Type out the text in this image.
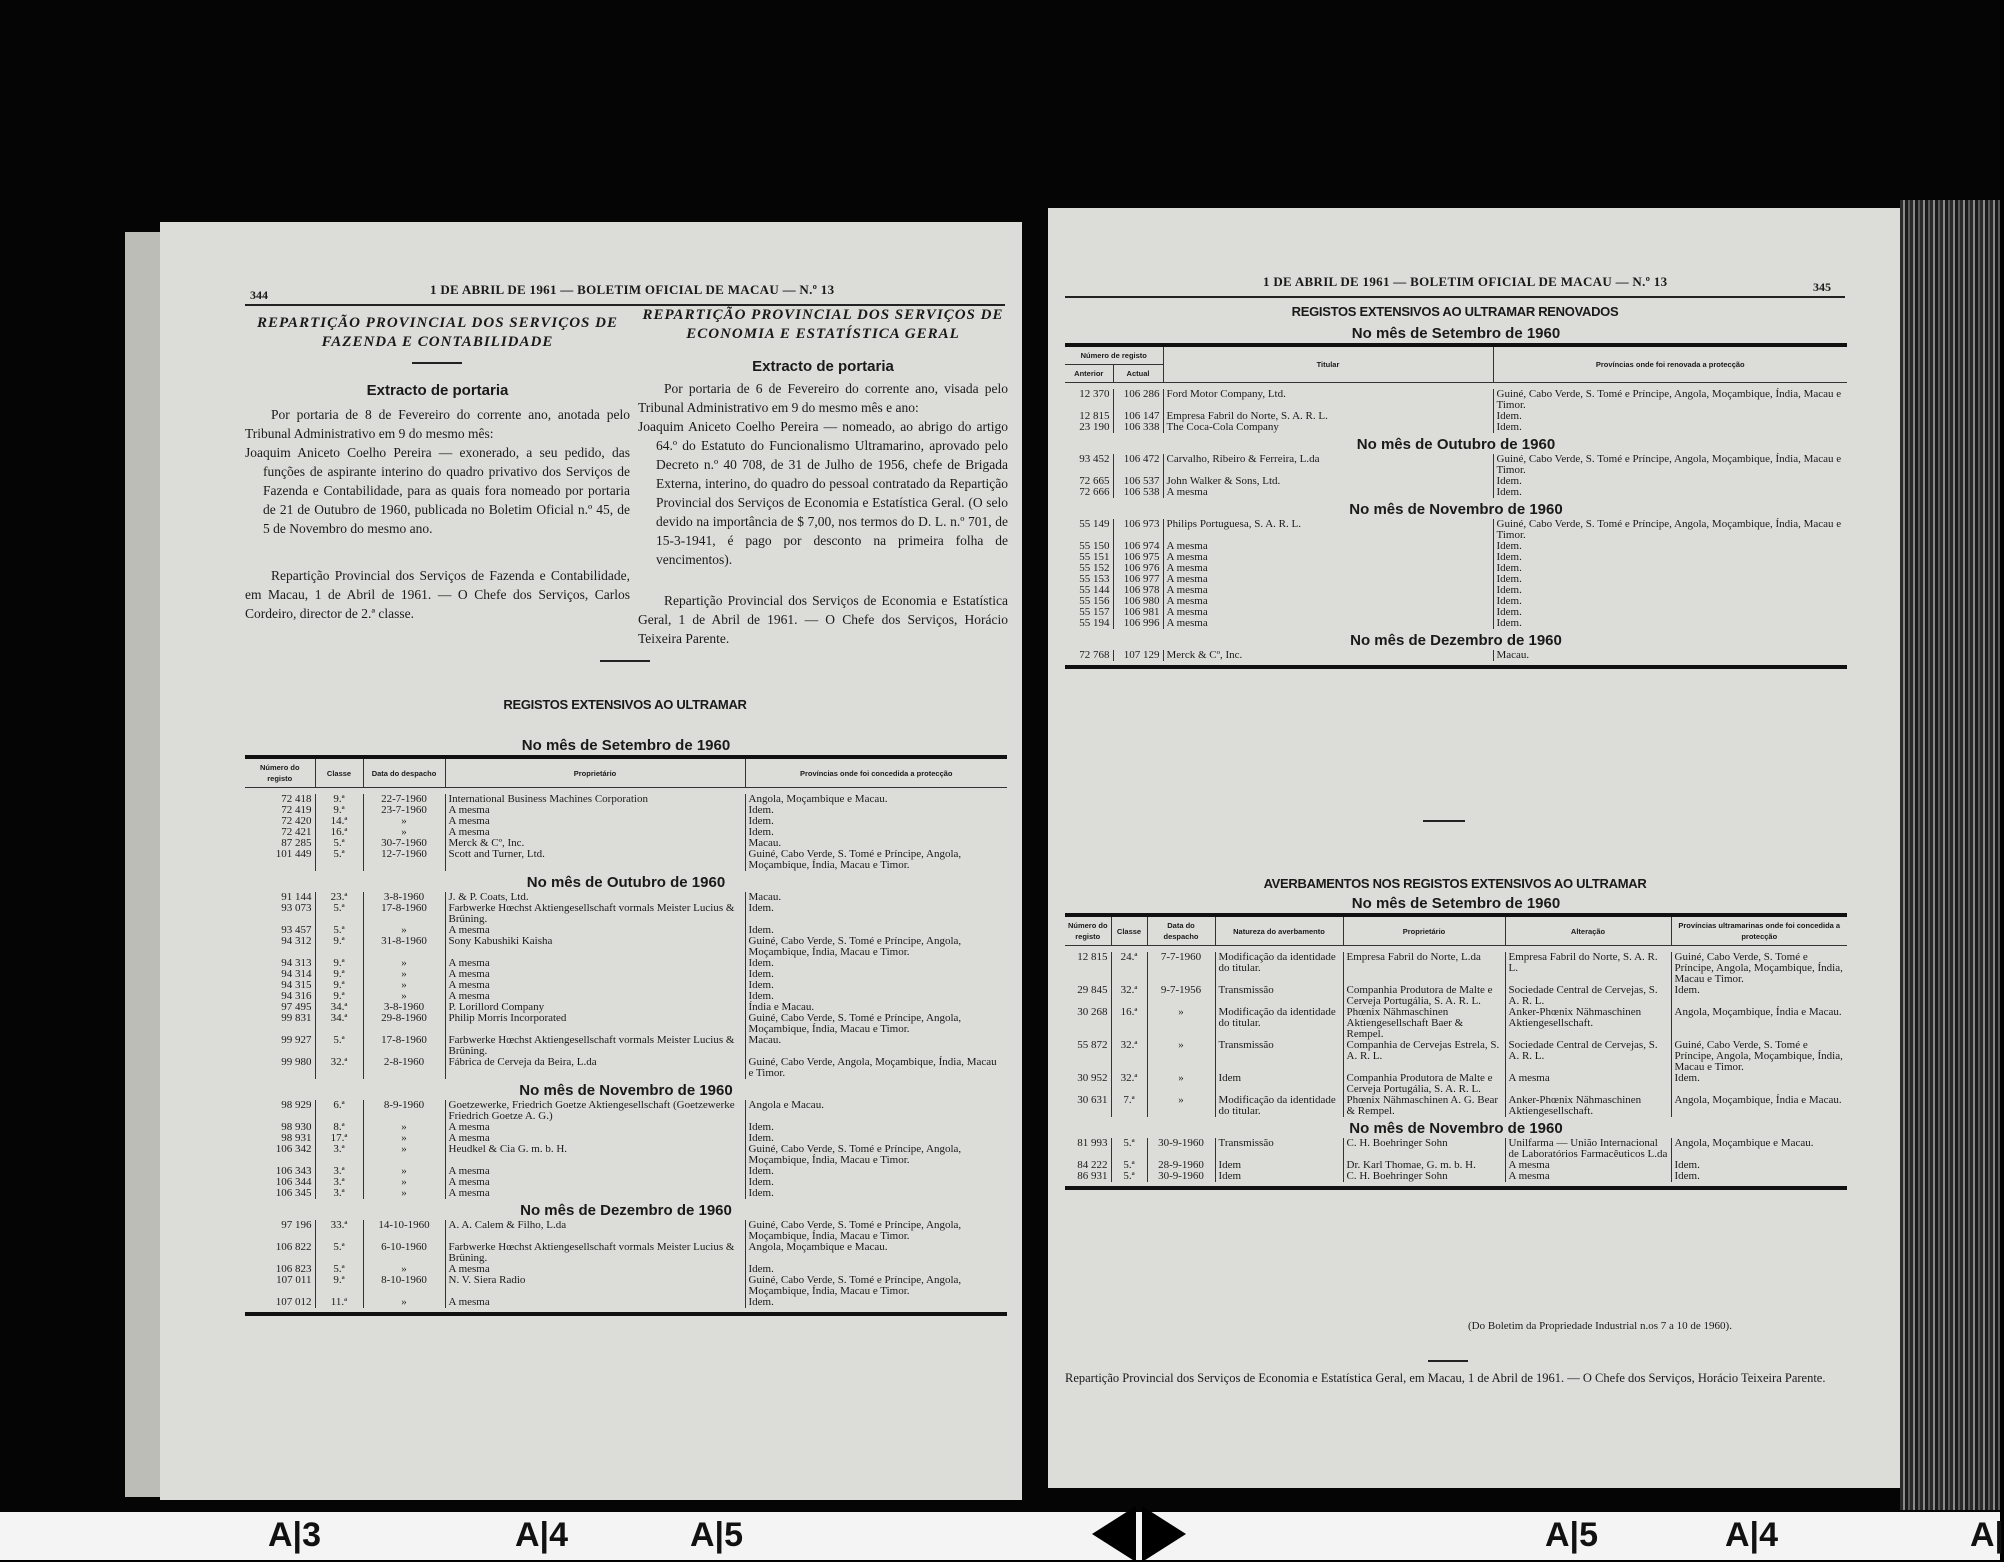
344	1 DE ABRIL DE 1961 — BOLETIM OFICIAL DE MACAU — N.º 13
REPARTIÇÃO PROVINCIAL DOS SERVIÇOS DE FAZENDA E CONTABILIDADE
Extracto de portaria

Por portaria de 8 de Fevereiro do corrente ano, anotada pelo Tribunal Administrativo em 9 do mesmo mês:

Joaquim Aniceto Coelho Pereira — exonerado, a seu pedido, das funções de aspirante interino do quadro privativo dos Serviços de Fazenda e Contabilidade, para as quais fora nomeado por portaria de 21 de Outubro de 1960, publicada no Boletim Oficial n.º 45, de 5 de Novembro do mesmo ano.

Repartição Provincial dos Serviços de Fazenda e Contabilidade, em Macau, 1 de Abril de 1961. — O Chefe dos Serviços, Carlos Cordeiro, director de 2.ª classe.

REPARTIÇÃO PROVINCIAL DOS SERVIÇOS DE ECONOMIA E ESTATÍSTICA GERAL
Extracto de portaria

Por portaria de 6 de Fevereiro do corrente ano, visada pelo Tribunal Administrativo em 9 do mesmo mês e ano:

Joaquim Aniceto Coelho Pereira — nomeado, ao abrigo do artigo 64.º do Estatuto do Funcionalismo Ultramarino, aprovado pelo Decreto n.º 40 708, de 31 de Julho de 1956, chefe de Brigada Externa, interino, do quadro do pessoal contratado da Repartição Provincial dos Serviços de Economia e Estatística Geral. (O selo devido na importância de $ 7,00, nos termos do D. L. n.º 701, de 15-3-1941, é pago por desconto na primeira folha de vencimentos).

Repartição Provincial dos Serviços de Economia e Estatística Geral, 1 de Abril de 1961. — O Chefe dos Serviços, Horácio Teixeira Parente.

REGISTOS EXTENSIVOS AO ULTRAMAR
No mês de Setembro de 1960				
Número do registo	Classe	Data do despacho	Proprietário	Províncias onde foi concedida a protecção

72 418	9.ª	22-7-1960	International Business Machines Corporation	Angola, Moçambique e Macau.
72 419	9.ª	23-7-1960	A mesma	Idem.
72 420	14.ª	»	A mesma	Idem.
72 421	16.ª	»	A mesma	Idem.
87 285	5.ª	30-7-1960	Merck & Cº, Inc.	Macau.
101 449	5.ª	12-7-1960	Scott and Turner, Ltd.	Guiné, Cabo Verde, S. Tomé e Príncipe, Angola, Moçambique, Índia, Macau e Timor.
No mês de Outubro de 1960				
91 144	23.ª	3-8-1960	J. & P. Coats, Ltd.	Macau.
93 073	5.ª	17-8-1960	Farbwerke Hœchst Aktiengesellschaft vormals Meister Lucius & Brüning.	Idem.
93 457	5.ª	»	A mesma	Idem.
94 312	9.ª	31-8-1960	Sony Kabushiki Kaisha	Guiné, Cabo Verde, S. Tomé e Príncipe, Angola, Moçambique, Índia, Macau e Timor.
94 313	9.ª	»	A mesma	Idem.
94 314	9.ª	»	A mesma	Idem.
94 315	9.ª	»	A mesma	Idem.
94 316	9.ª	»	A mesma	Idem.
97 495	34.ª	3-8-1960	P. Lorillord Company	Índia e Macau.
99 831	34.ª	29-8-1960	Philip Morris Incorporated	Guiné, Cabo Verde, S. Tomé e Príncipe, Angola, Moçambique, Índia, Macau e Timor.
99 927	5.ª	17-8-1960	Farbwerke Hœchst Aktiengesellschaft vormals Meister Lucius & Brüning.	Macau.
99 980	32.ª	2-8-1960	Fábrica de Cerveja da Beira, L.da	Guiné, Cabo Verde, Angola, Moçambique, Índia, Macau e Timor.
No mês de Novembro de 1960				
98 929	6.ª	8-9-1960	Goetzewerke, Friedrich Goetze Aktiengesellschaft (Goetzewerke Friedrich Goetze A. G.)	Angola e Macau.
98 930	8.ª	»	A mesma	Idem.
98 931	17.ª	»	A mesma	Idem.
106 342	3.ª	»	Heudkel & Cia G. m. b. H.	Guiné, Cabo Verde, S. Tomé e Príncipe, Angola, Moçambique, Índia, Macau e Timor.
106 343	3.ª	»	A mesma	Idem.
106 344	3.ª	»	A mesma	Idem.
106 345	3.ª	»	A mesma	Idem.
No mês de Dezembro de 1960				
97 196	33.ª	14-10-1960	A. A. Calem & Filho, L.da	Guiné, Cabo Verde, S. Tomé e Príncipe, Angola, Moçambique, Índia, Macau e Timor.
106 822	5.ª	6-10-1960	Farbwerke Hœchst Aktiengesellschaft vormals Meister Lucius & Brüning.	Angola, Moçambique e Macau.
106 823	5.ª	»	A mesma	Idem.
107 011	9.ª	8-10-1960	N. V. Siera Radio	Guiné, Cabo Verde, S. Tomé e Príncipe, Angola, Moçambique, Índia, Macau e Timor.
107 012	11.ª	»	A mesma	Idem.

1 DE ABRIL DE 1961 — BOLETIM OFICIAL DE MACAU — N.º 13	345
REGISTOS EXTENSIVOS AO ULTRAMAR RENOVADOS
No mês de Setembro de 1960			
Número de registo		Titular	Províncias onde foi renovada a protecção
Anterior	Actual		

12 370	106 286	Ford Motor Company, Ltd.	Guiné, Cabo Verde, S. Tomé e Príncipe, Angola, Moçambique, Índia, Macau e Timor.
12 815	106 147	Empresa Fabril do Norte, S. A. R. L.	Idem.
23 190	106 338	The Coca-Cola Company	Idem.
No mês de Outubro de 1960			
93 452	106 472	Carvalho, Ribeiro & Ferreira, L.da	Guiné, Cabo Verde, S. Tomé e Príncipe, Angola, Moçambique, Índia, Macau e Timor.
72 665	106 537	John Walker & Sons, Ltd.	Idem.
72 666	106 538	A mesma	Idem.
No mês de Novembro de 1960			
55 149	106 973	Philips Portuguesa, S. A. R. L.	Guiné, Cabo Verde, S. Tomé e Príncipe, Angola, Moçambique, Índia, Macau e Timor.
55 150	106 974	A mesma	Idem.
55 151	106 975	A mesma	Idem.
55 152	106 976	A mesma	Idem.
55 153	106 977	A mesma	Idem.
55 144	106 978	A mesma	Idem.
55 156	106 980	A mesma	Idem.
55 157	106 981	A mesma	Idem.
55 194	106 996	A mesma	Idem.
No mês de Dezembro de 1960			
72 768	107 129	Merck & Cº, Inc.	Macau.

AVERBAMENTOS NOS REGISTOS EXTENSIVOS AO ULTRAMAR
No mês de Setembro de 1960						
Número do registo	Classe	Data do despacho	Natureza do averbamento	Proprietário	Alteração	Províncias ultramarinas onde foi concedida a protecção

12 815	24.ª	7-7-1960	Modificação da identidade do titular.	Empresa Fabril do Norte, L.da	Empresa Fabril do Norte, S. A. R. L.	Guiné, Cabo Verde, S. Tomé e Príncipe, Angola, Moçambique, Índia, Macau e Timor.
29 845	32.ª	9-7-1956	Transmissão	Companhia Produtora de Malte e Cerveja Portugália, S. A. R. L.	Sociedade Central de Cervejas, S. A. R. L.	Idem.
30 268	16.ª	»	Modificação da identidade do titular.	Phœnix Nähmaschinen Aktiengesellschaft Baer & Rempel.	Anker-Phœnix Nähmaschinen Aktiengesellschaft.	Angola, Moçambique, Índia e Macau.
55 872	32.ª	»	Transmissão	Companhia de Cervejas Estrela, S. A. R. L.	Sociedade Central de Cervejas, S. A. R. L.	Guiné, Cabo Verde, S. Tomé e Príncipe, Angola, Moçambique, Índia, Macau e Timor.
30 952	32.ª	»	Idem	Companhia Produtora de Malte e Cerveja Portugália, S. A. R. L.	A mesma	Idem.
30 631	7.ª	»	Modificação da identidade do titular.	Phœnix Nähmaschinen A. G. Bear & Rempel.	Anker-Phœnix Nähmaschinen Aktiengesellschaft.	Angola, Moçambique, Índia e Macau.
No mês de Novembro de 1960						
81 993	5.ª	30-9-1960	Transmissão	C. H. Boehringer Sohn	Unilfarma — União Internacional de Laboratórios Farmacêuticos L.da	Angola, Moçambique e Macau.
84 222	5.ª	28-9-1960	Idem	Dr. Karl Thomae, G. m. b. H.	A mesma	Idem.
86 931	5.ª	30-9-1960	Idem	C. H. Boehringer Sohn	A mesma	Idem.

(Do Boletim da Propriedade Industrial n.os 7 a 10 de 1960).
Repartição Provincial dos Serviços de Economia e Estatística Geral, em Macau, 1 de Abril de 1961. — O Chefe dos Serviços, Horácio Teixeira Parente.
A|3	A|4	A|5	A|5	A|4	A|
